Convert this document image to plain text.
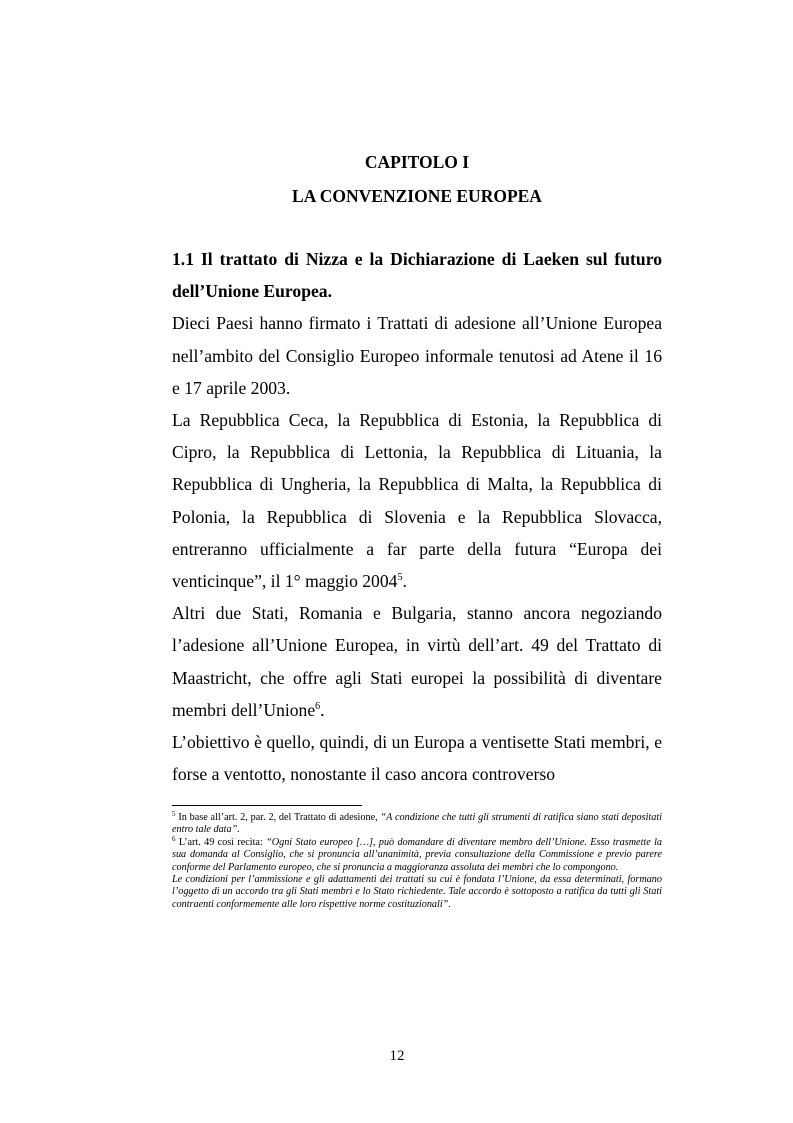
CAPITOLO I
LA CONVENZIONE EUROPEA

1.1 Il trattato di Nizza e la Dichiarazione di Laeken sul futuro dell’Unione Europea.

Dieci Paesi hanno firmato i Trattati di adesione all’Unione Europea nell’ambito del Consiglio Europeo informale tenutosi ad Atene il 16 e 17 aprile 2003.

La Repubblica Ceca, la Repubblica di Estonia, la Repubblica di Cipro, la Repubblica di Lettonia, la Repubblica di Lituania, la Repubblica di Ungheria, la Repubblica di Malta, la Repubblica di Polonia, la Repubblica di Slovenia e la Repubblica Slovacca, entreranno ufficialmente a far parte della futura “Europa dei venticinque”, il 1° maggio 2004$^5$.

Altri due Stati, Romania e Bulgaria, stanno ancora negoziando l’adesione all’Unione Europea, in virtù dell’art. 49 del Trattato di Maastricht, che offre agli Stati europei la possibilità di diventare membri dell’Unione$^6$.

L’obiettivo è quello, quindi, di un Europa a ventisette Stati membri, e forse a ventotto, nonostante il caso ancora controverso

$^5$ In base all’art. 2, par. 2, del Trattato di adesione, “A condizione che tutti gli strumenti di ratifica siano stati depositati entro tale data”.

$^6$ L’art. 49 così recita: “Ogni Stato europeo […], può domandare di diventare membro dell’Unione. Esso trasmette la sua domanda al Consiglio, che si pronuncia all’unanimità, previa consultazione della Commissione e previo parere conforme del Parlamento europeo, che si pronuncia a maggioranza assoluta dei membri che lo compongono.

Le condizioni per l’ammissione e gli adattamenti dei trattati su cui è fondata l’Unione, da essa determinati, formano l’oggetto di un accordo tra gli Stati membri e lo Stato richiedente. Tale accordo è sottoposto a ratifica da tutti gli Stati contraenti conformemente alle loro rispettive norme costituzionali”.

12
